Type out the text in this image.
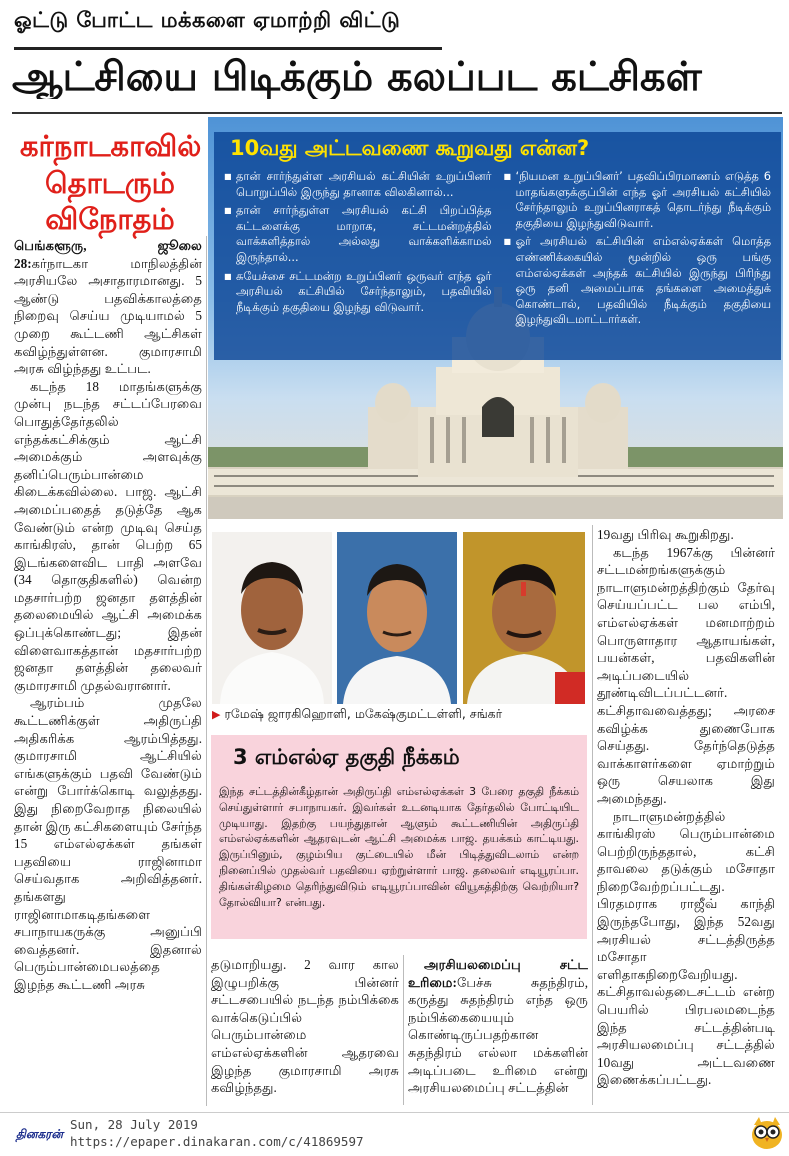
ஓட்டு போட்ட மக்களை ஏமாற்றி விட்டு
ஆட்சியை பிடிக்கும் கலப்பட கட்சிகள்
கர்நாடகாவில்
தொடரும்
விநோதம்

பெங்களூரு, ஜூலை 28:கர்நாடகா மாநிலத்தின் அரசியலே அசாதாரமானது. 5 ஆண்டு பதவிக்காலத்தை நிறைவு செய்ய முடியாமல் 5 முறை கூட்டணி ஆட்சிகள் கவிழ்ந்துள்ளன. குமாரசாமி அரசு விழ்ந்தது உட்பட.

கடந்த 18 மாதங்களுக்கு முன்பு நடந்த சட்டப்பேரவை பொதுத்தேர்தலில் எந்தக்கட்சிக்கும் ஆட்சி அமைக்கும் அளவுக்கு தனிப்பெரும்பான்மை கிடைக்கவில்லை. பாஜ. ஆட்சி அமைப்பதைத் தடுத்தே ஆக வேண்டும் என்ற முடிவு செய்த காங்கிரஸ், தான் பெற்ற 65 இடங்களைவிட பாதி அளவே (34 தொகுதிகளில்) வென்ற மதசார்பற்ற ஜனதா தளத்தின் தலைமையில் ஆட்சி அமைக்க ஒப்புக்கொண்டது; இதன் விளைவாகத்தான் மதசார்பற்ற ஜனதா தளத்தின் தலைவர் குமாரசாமி முதல்வரானார்.

ஆரம்பம் முதலே கூட்டணிக்குள் அதிருப்தி அதிகரிக்க ஆரம்பித்தது. குமாரசாமி ஆட்சியில் எங்களுக்கும் பதவி வேண்டும் என்று போர்க்கொடி வலுத்தது. இது நிறைவேறாத நிலையில் தான் இரு கட்சிகளையும் சேர்ந்த 15 எம்எல்ஏக்கள் தங்கள் பதவியை ராஜினாமா செய்வதாக அறிவித்தனர். தங்களது ராஜினாமாகடிதங்களை சபாநாயகருக்கு அனுப்பி வைத்தனர். இதனால் பெரும்பான்மைபலத்தை இழந்த கூட்டணி அரசு

10வது அட்டவணை கூறுவது என்ன?
■ தான் சார்ந்துள்ள அரசியல் கட்சியின் உறுப்பினர் பொறுப்பில் இருந்து தானாக விலகினால்...
■ தான் சார்ந்துள்ள அரசியல் கட்சி பிறப்பித்த கட்டளைக்கு மாறாக, சட்டமன்றத்தில் வாக்களித்தால் அல்லது வாக்களிக்காமல் இருந்தால்...
■ சுயேச்சை சட்டமன்ற உறுப்பினர் ஒருவர் எந்த ஓர் அரசியல் கட்சியில் சேர்ந்தாலும், பதவியில் நீடிக்கும் தகுதியை இழந்து விடுவார்.
■ ‘நியமன உறுப்பினர்’ பதவிப்பிரமாணம் எடுத்த 6 மாதங்களுக்குப்பின் எந்த ஓர் அரசியல் கட்சியில் சேர்ந்தாலும் உறுப்பினராகத் தொடர்ந்து நீடிக்கும் தகுதியை இழந்துவிடுவார்.
■ ஓர் அரசியல் கட்சியின் எம்எல்ஏக்கள் மொத்த எண்ணிக்கையில் மூன்றில் ஒரு பங்கு எம்எல்ஏக்கள் அந்தக் கட்சியில் இருந்து பிரிந்து ஒரு தனி அமைப்பாக தங்களை அமைத்துக் கொண்டால், பதவியில் நீடிக்கும் தகுதியை இழந்துவிடமாட்டார்கள்.
▶ ரமேஷ் ஜாரகிஹொளி, மகேஷ்குமட்டள்ளி, சங்கர்
3 எம்எல்ஏ தகுதி நீக்கம்
இந்த சட்டத்தின்கீழ்தான் அதிருப்தி எம்எல்ஏக்கள் 3 பேரை தகுதி நீக்கம் செய்துள்ளார் சபாநாயகர். இவர்கள் உடனடியாக தேர்தலில் போட்டியிட முடியாது. இதற்கு பயந்துதான் ஆளும் கூட்டணியின் அதிருப்தி எம்எல்ஏக்களின் ஆதரவுடன் ஆட்சி அமைக்க பாஜ. தயக்கம் காட்டியது. இருப்பினும், குழம்பிய குட்டையில் மீன் பிடித்துவிடலாம் என்ற நினைப்பில் முதல்வர் பதவியை ஏற்றுள்ளார் பாஜ. தலைவர் எடியூரப்பா. திங்கள்கிழமை தெரிந்துவிடும் எடியூரப்பாவின் வியூகத்திற்கு வெற்றியா? தோல்வியா? என்பது.

தடுமாறியது. 2 வார கால இழுபறிக்கு பின்னர் சட்டசபையில் நடந்த நம்பிக்கை வாக்கெடுப்பில் பெரும்பான்மை எம்எல்ஏக்களின் ஆதரவை இழந்த குமாரசாமி அரசு கவிழ்ந்தது.

அரசியலமைப்பு சட்ட உரிமை:பேச்சு சுதந்திரம், கருத்து சுதந்திரம் எந்த ஒரு நம்பிக்கையையும் கொண்டிருப்பதற்கான சுதந்திரம் எல்லா மக்களின் அடிப்படை உரிமை என்று அரசியலமைப்பு சட்டத்தின்

19வது பிரிவு கூறுகிறது.

கடந்த 1967க்கு பின்னர் சட்டமன்றங்களுக்கும் நாடாளுமன்றத்திற்கும் தேர்வு செய்யப்பட்ட பல எம்பி, எம்எல்ஏக்கள் மனமாற்றம் பொருளாதார ஆதாயங்கள், பயன்கள், பதவிகளின் அடிப்படையில் தூண்டிவிடப்பட்டனர். கட்சிதாவவைத்தது; அரசை கவிழ்க்க துணைபோக செய்தது. தேர்ந்தெடுத்த வாக்காளர்களை ஏமாற்றும் ஒரு செயலாக இது அமைந்தது.

நாடாளுமன்றத்தில் காங்கிரஸ் பெரும்பான்மை பெற்றிருந்ததால், கட்சி தாவலை தடுக்கும் மசோதா நிறைவேற்றப்பட்டது. பிரதமராக ராஜீவ் காந்தி இருந்தபோது, இந்த 52வது அரசியல் சட்டத்திருத்த மசோதா எளிதாகநிறைவேறியது. கட்சிதாவல்தடைசட்டம் என்ற பெயரில் பிரபலமடைந்த இந்த சட்டத்தின்படி அரசியலமைப்பு சட்டத்தில் 10வது அட்டவணை இணைக்கப்பட்டது.

தினகரன்
Sun, 28 July 2019
https://epaper.dinakaran.com/c/41869597
